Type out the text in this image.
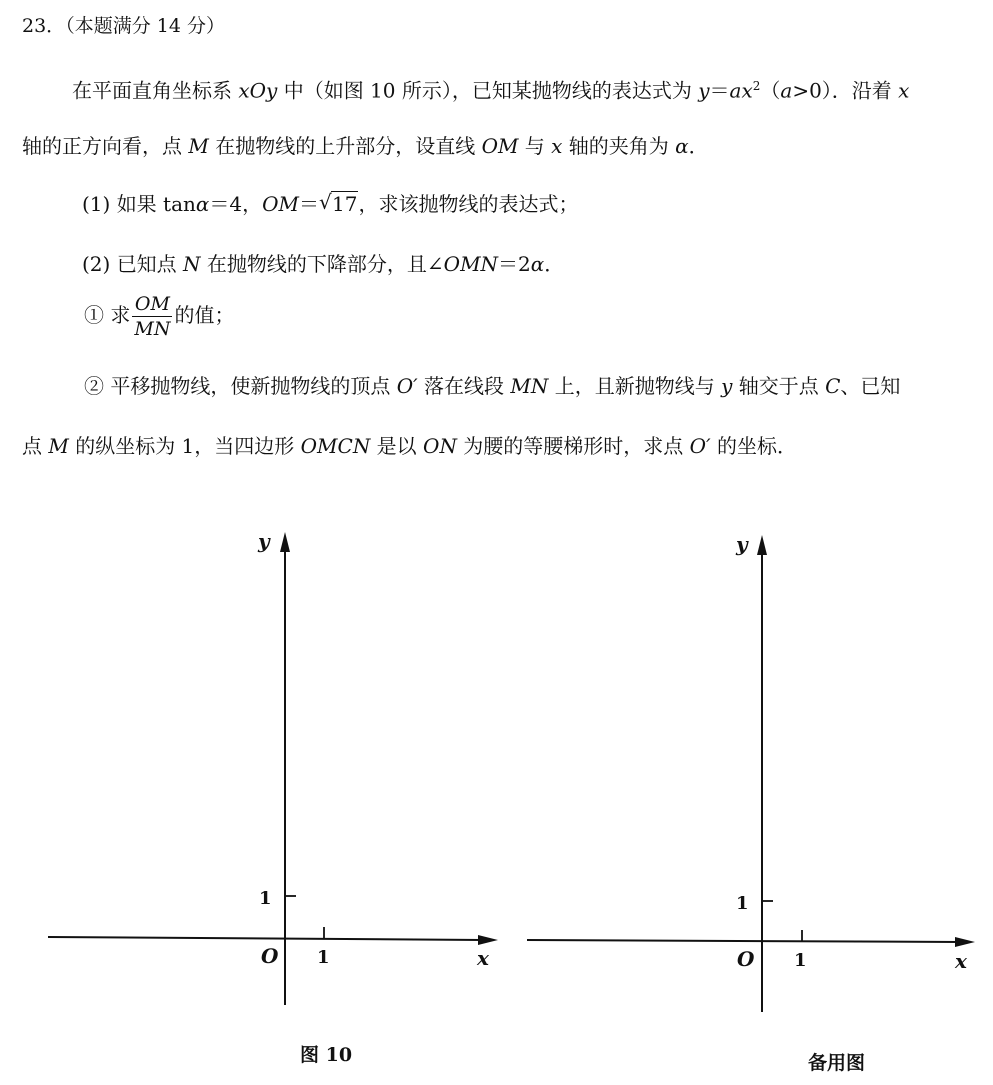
23．（本题满分 14 分）
在平面直角坐标系 xOy 中（如图 10 所示），已知某抛物线的表达式为 $y=ax^2(a>0)$．沿着 x
轴的正方向看，点 M 在抛物线的上升部分，设直线 OM 与 x 轴的夹角为 α．
(1) 如果 tanα＝4，OM＝ √ 17，求该抛物线的表达式；
(2) 已知点 N 在抛物线的下降部分，且∠OMN＝2α．
① 求 $\frac{OM}{MN}$ 的值；
② 平移抛物线，使新抛物线的顶点 O′ 落在线段 MN 上，且新抛物线与 y 轴交于点 C、已知
点 M 的纵坐标为 1，当四边形 OMCN 是以 ON 为腰的等腰梯形时，求点 O′ 的坐标．
y
x
O
1
1
y
x
O
1
1
图 10	备用图
